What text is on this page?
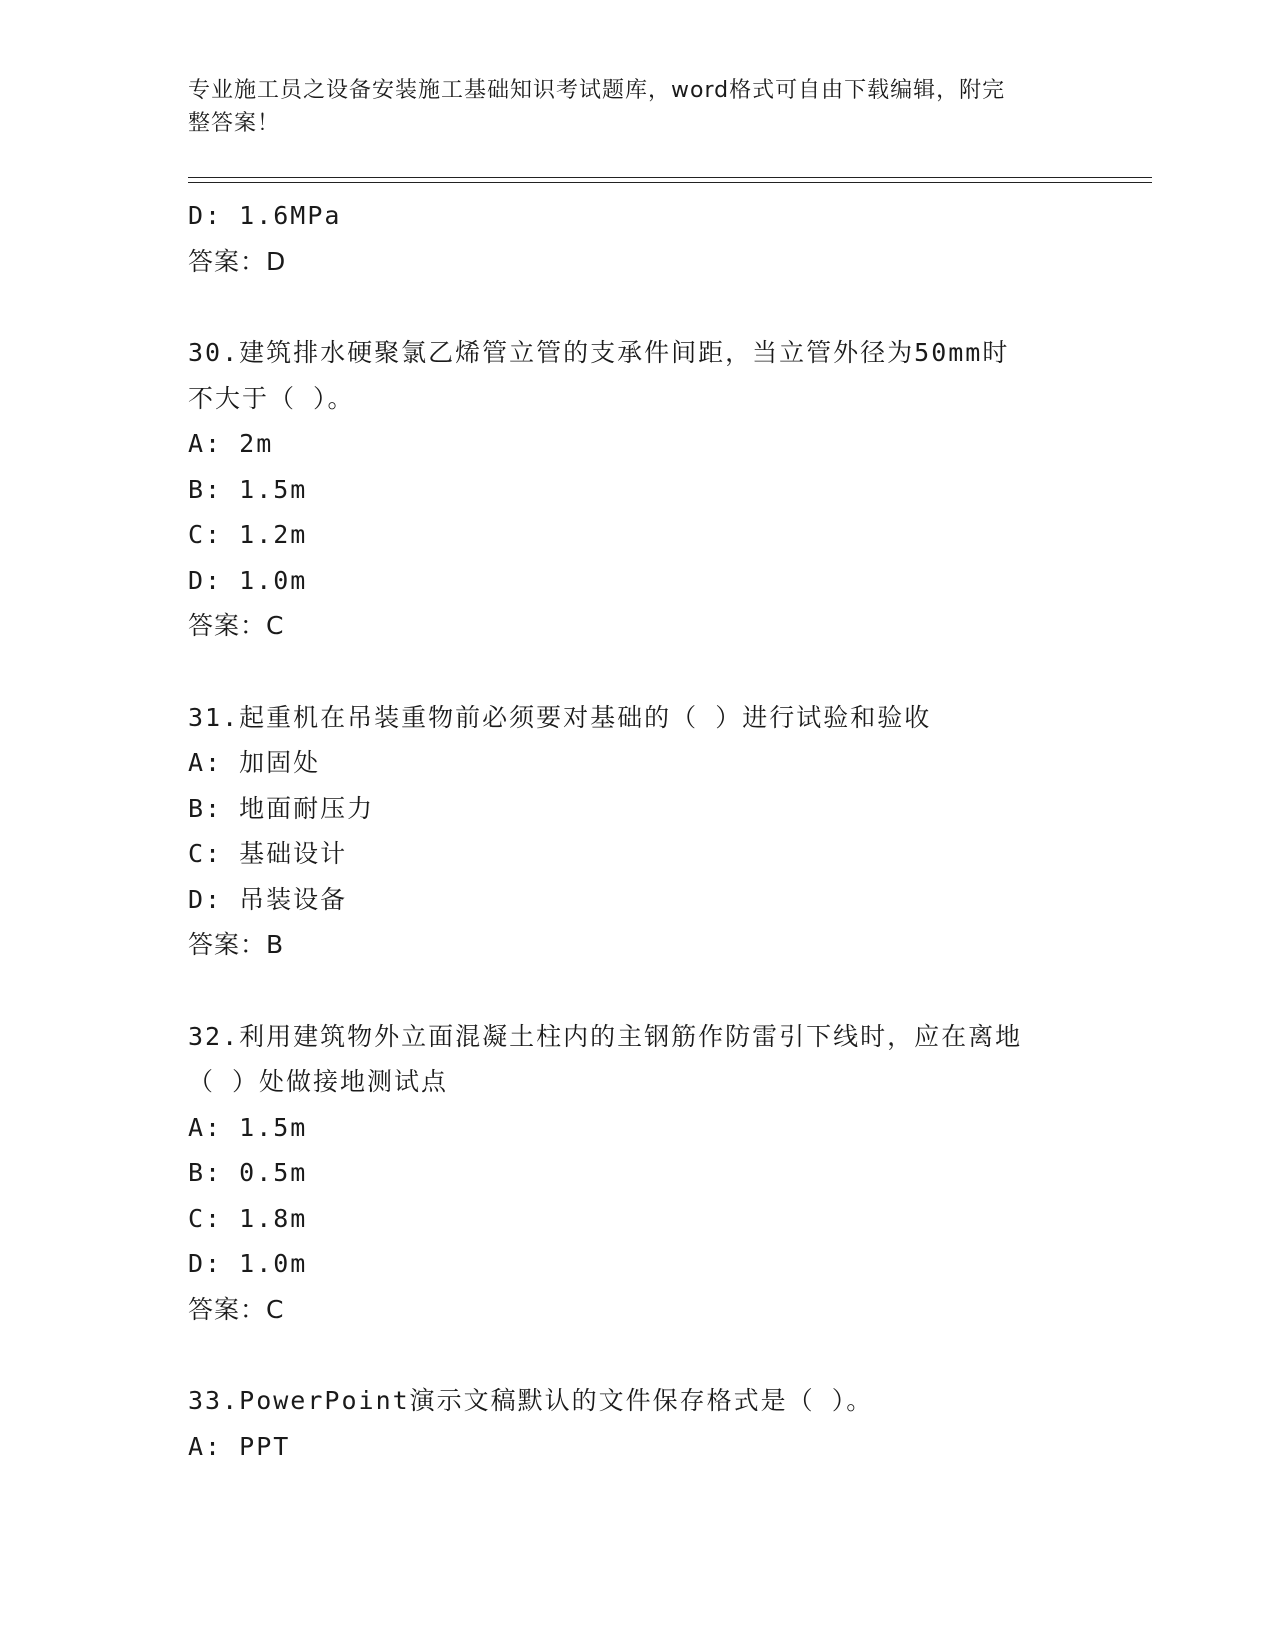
专业施工员之设备安装施工基础知识考试题库，word格式可自由下载编辑，附完
整答案！
D: 1.6MPa
答案：D
30.建筑排水硬聚氯乙烯管立管的支承件间距，当立管外径为50mm时
不大于（ ）。
A: 2m
B: 1.5m
C: 1.2m
D: 1.0m
答案：C
31.起重机在吊装重物前必须要对基础的（ ）进行试验和验收
A: 加固处
B: 地面耐压力
C: 基础设计
D: 吊装设备
答案：B
32.利用建筑物外立面混凝土柱内的主钢筋作防雷引下线时，应在离地
（ ）处做接地测试点
A: 1.5m
B: 0.5m
C: 1.8m
D: 1.0m
答案：C
33.PowerPoint演示文稿默认的文件保存格式是（ ）。
A: PPT
